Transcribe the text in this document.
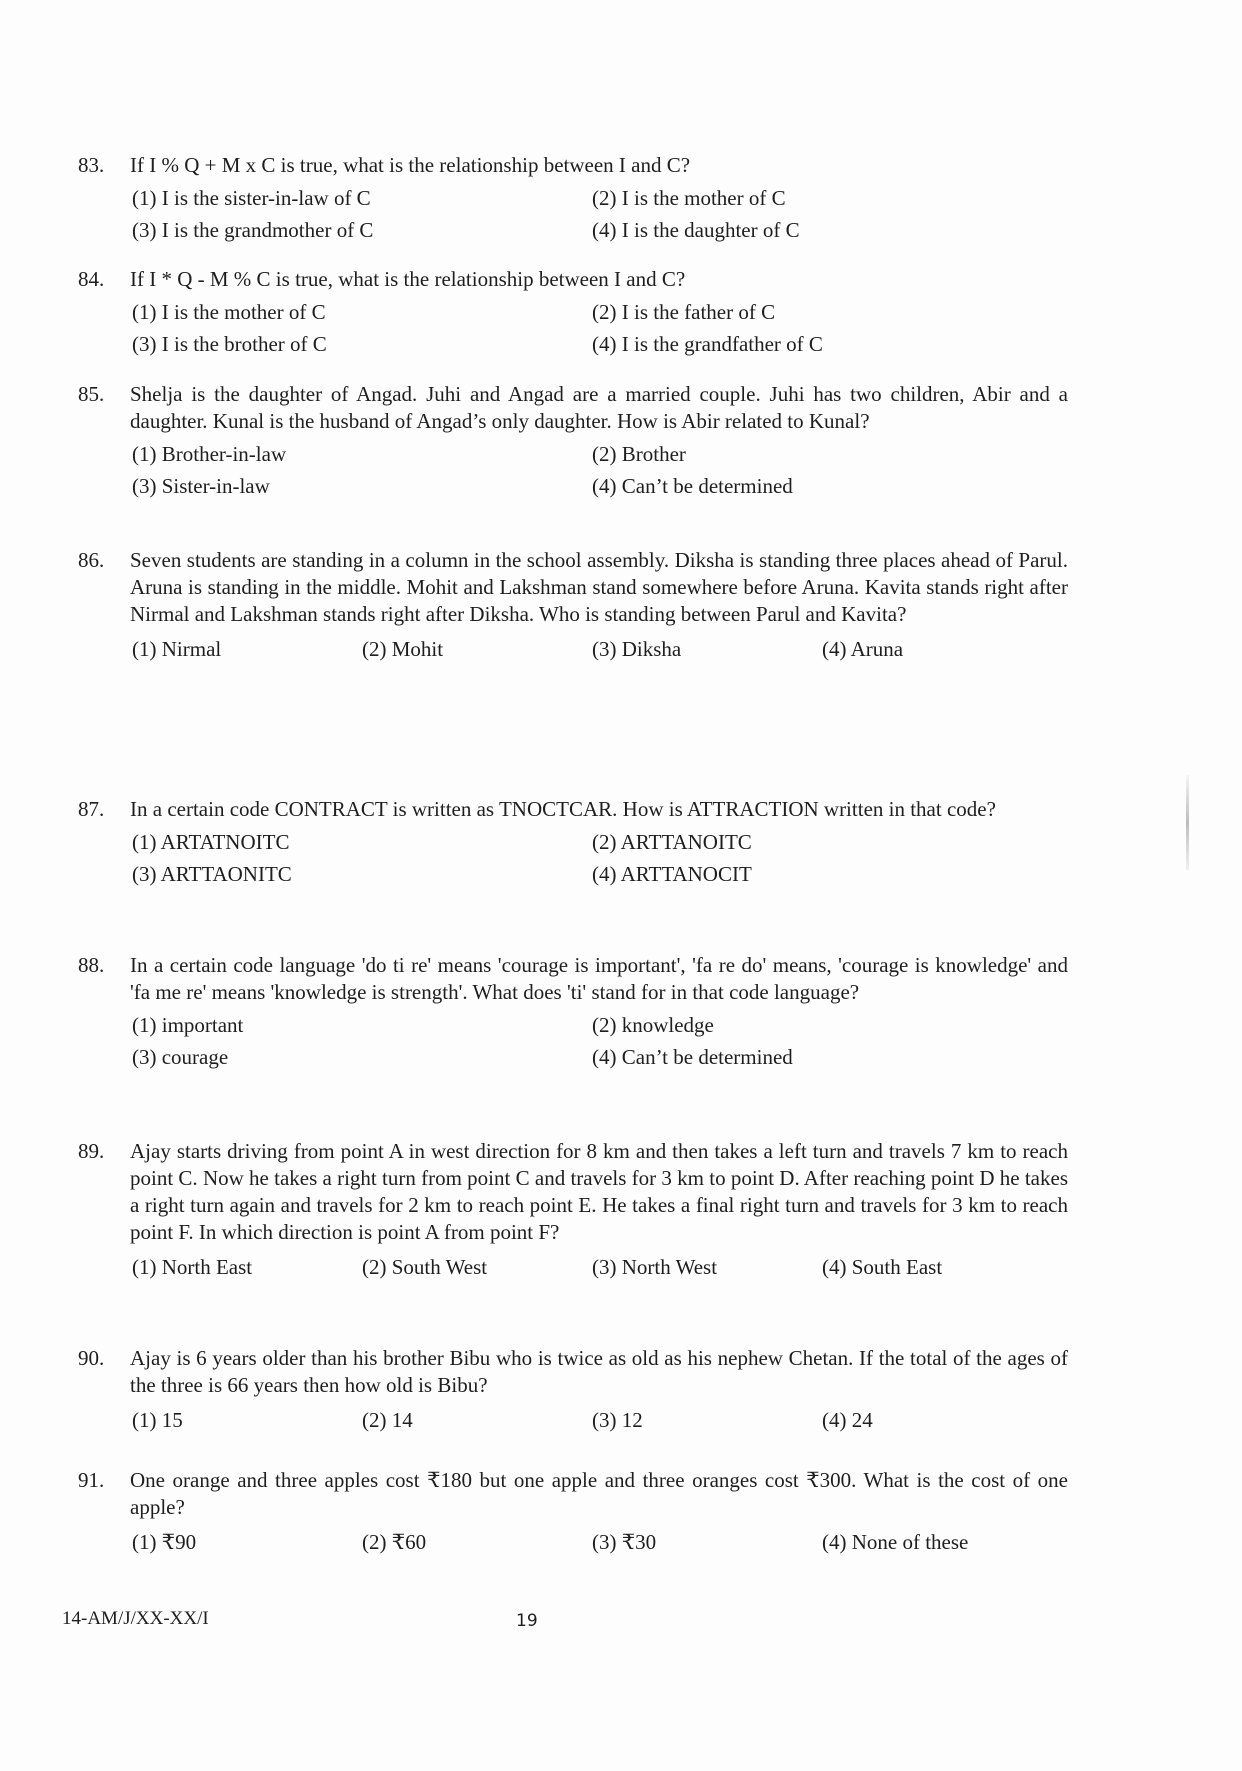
83.	If I % Q + M x C is true, what is the relationship between I and C?
(1) I is the sister-in-law of C	(2) I is the mother of C
(3) I is the grandmother of C	(4) I is the daughter of C
84.	If I * Q - M % C is true, what is the relationship between I and C?
(1) I is the mother of C	(2) I is the father of C
(3) I is the brother of C	(4) I is the grandfather of C
85.	Shelja is the daughter of Angad. Juhi and Angad are a married couple. Juhi has two children, Abir and a daughter. Kunal is the husband of Angad’s only daughter. How is Abir related to Kunal?
(1) Brother-in-law	(2) Brother
(3) Sister-in-law	(4) Can’t be determined
86.	Seven students are standing in a column in the school assembly. Diksha is standing three places ahead of Parul. Aruna is standing in the middle. Mohit and Lakshman stand somewhere before Aruna. Kavita stands right after Nirmal and Lakshman stands right after Diksha. Who is standing between Parul and Kavita?
(1) Nirmal	(2) Mohit	(3) Diksha	(4) Aruna
87.	In a certain code CONTRACT is written as TNOCTCAR. How is ATTRACTION written in that code?
(1) ARTATNOITC	(2) ARTTANOITC
(3) ARTTAONITC	(4) ARTTANOCIT
88.	In a certain code language 'do ti re' means 'courage is important', 'fa re do' means, 'courage is knowledge' and 'fa me re' means 'knowledge is strength'. What does 'ti' stand for in that code language?
(1) important	(2) knowledge
(3) courage	(4) Can’t be determined
89.	Ajay starts driving from point A in west direction for 8 km and then takes a left turn and travels 7 km to reach point C. Now he takes a right turn from point C and travels for 3 km to point D. After reaching point D he takes a right turn again and travels for 2 km to reach point E. He takes a final right turn and travels for 3 km to reach point F. In which direction is point A from point F?
(1) North East	(2) South West	(3) North West	(4) South East
90.	Ajay is 6 years older than his brother Bibu who is twice as old as his nephew Chetan. If the total of the ages of the three is 66 years then how old is Bibu?
(1) 15	(2) 14	(3) 12	(4) 24
91.	One orange and three apples cost ₹180 but one apple and three oranges cost ₹300. What is the cost of one apple?
(1) ₹90	(2) ₹60	(3) ₹30	(4) None of these
14-AM/J/XX-XX/I	19
